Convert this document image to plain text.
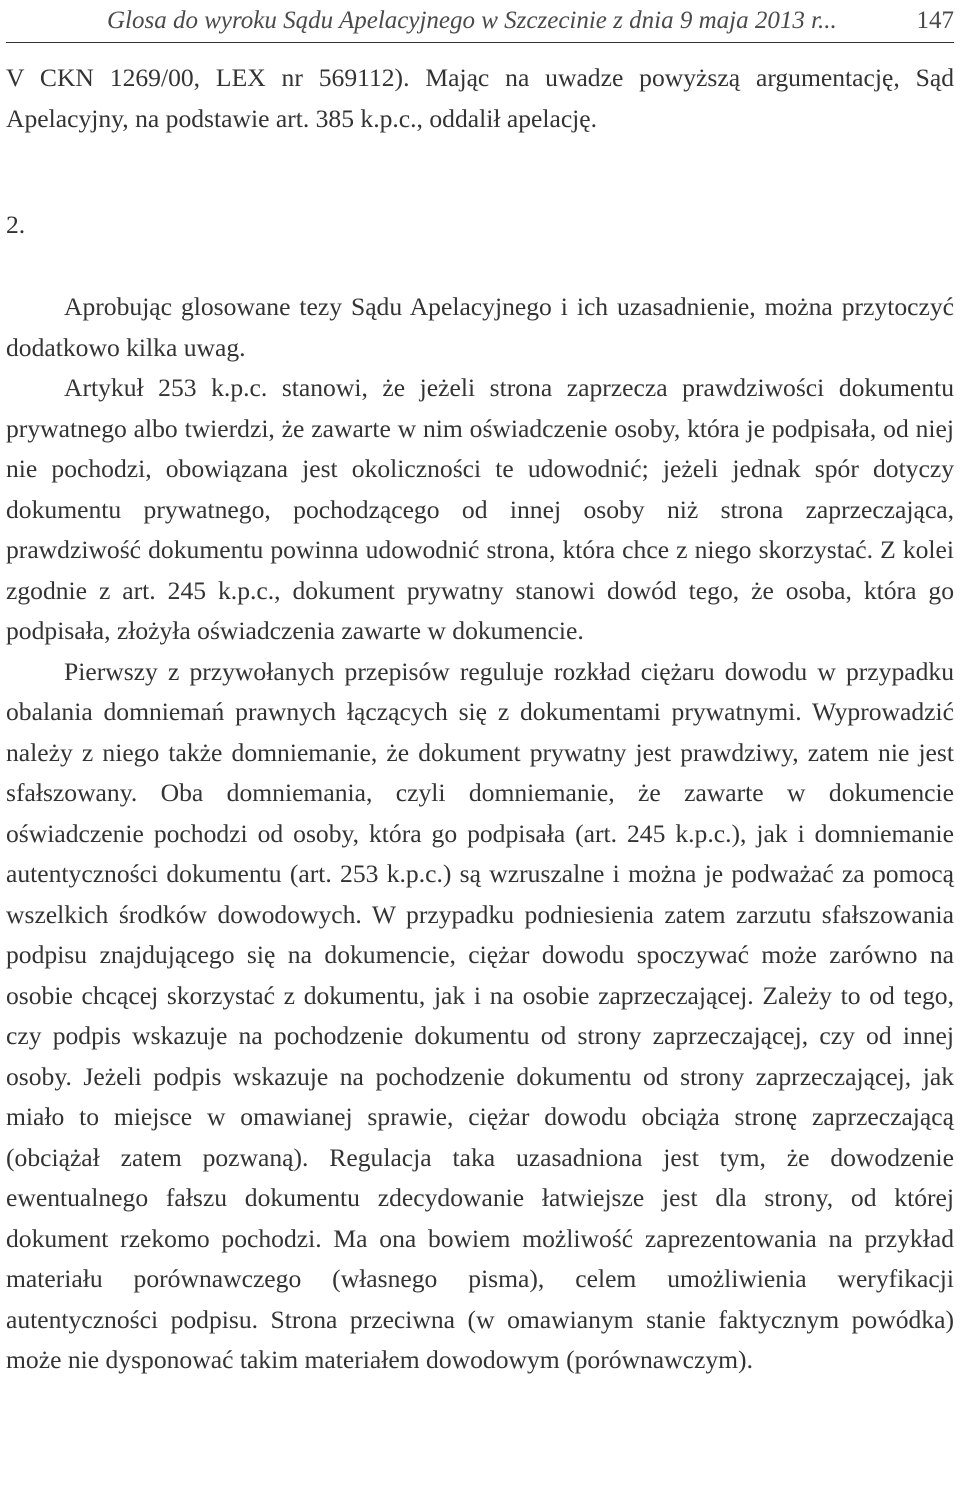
Glosa do wyroku Sądu Apelacyjnego w Szczecinie z dnia 9 maja 2013 r...	147

V CKN 1269/00, LEX nr 569112). Mając na uwadze powyższą argumentację, Sąd Apelacyjny, na podstawie art. 385 k.p.c., oddalił apelację.

2.

Aprobując glosowane tezy Sądu Apelacyjnego i ich uzasadnienie, można przytoczyć dodatkowo kilka uwag.

Artykuł 253 k.p.c. stanowi, że jeżeli strona zaprzecza prawdziwości dokumentu prywatnego albo twierdzi, że zawarte w nim oświadczenie osoby, która je podpisała, od niej nie pochodzi, obowiązana jest okoliczności te udowodnić; jeżeli jednak spór dotyczy dokumentu prywatnego, pochodzącego od innej osoby niż strona zaprzeczająca, prawdziwość dokumentu powinna udowodnić strona, która chce z niego skorzystać. Z kolei zgodnie z art. 245 k.p.c., dokument prywatny stanowi dowód tego, że osoba, która go podpisała, złożyła oświadczenia zawarte w dokumencie.

Pierwszy z przywołanych przepisów reguluje rozkład ciężaru dowodu w przypadku obalania domniemań prawnych łączących się z dokumentami prywatnymi. Wyprowadzić należy z niego także domniemanie, że dokument prywatny jest prawdziwy, zatem nie jest sfałszowany. Oba domniemania, czyli domniemanie, że zawarte w dokumencie oświadczenie pochodzi od osoby, która go podpisała (art. 245 k.p.c.), jak i domniemanie autentyczności dokumentu (art. 253 k.p.c.) są wzruszalne i można je podważać za pomocą wszelkich środków dowodowych. W przypadku podniesienia zatem zarzutu sfałszowania podpisu znajdującego się na dokumencie, ciężar dowodu spoczywać może zarówno na osobie chcącej skorzystać z dokumentu, jak i na osobie zaprzeczającej. Zależy to od tego, czy podpis wskazuje na pochodzenie dokumentu od strony zaprzeczającej, czy od innej osoby. Jeżeli podpis wskazuje na pochodzenie dokumentu od strony zaprzeczającej, jak miało to miejsce w omawianej sprawie, ciężar dowodu obciąża stronę zaprzeczającą (obciążał zatem pozwaną). Regulacja taka uzasadniona jest tym, że dowodzenie ewentualnego fałszu dokumentu zdecydowanie łatwiejsze jest dla strony, od której dokument rzekomo pochodzi. Ma ona bowiem możliwość zaprezentowania na przykład materiału porównawczego (własnego pisma), celem umożliwienia weryfikacji autentyczności podpisu. Strona przeciwna (w omawianym stanie faktycznym powódka) może nie dysponować takim materiałem dowodowym (porównawczym).
